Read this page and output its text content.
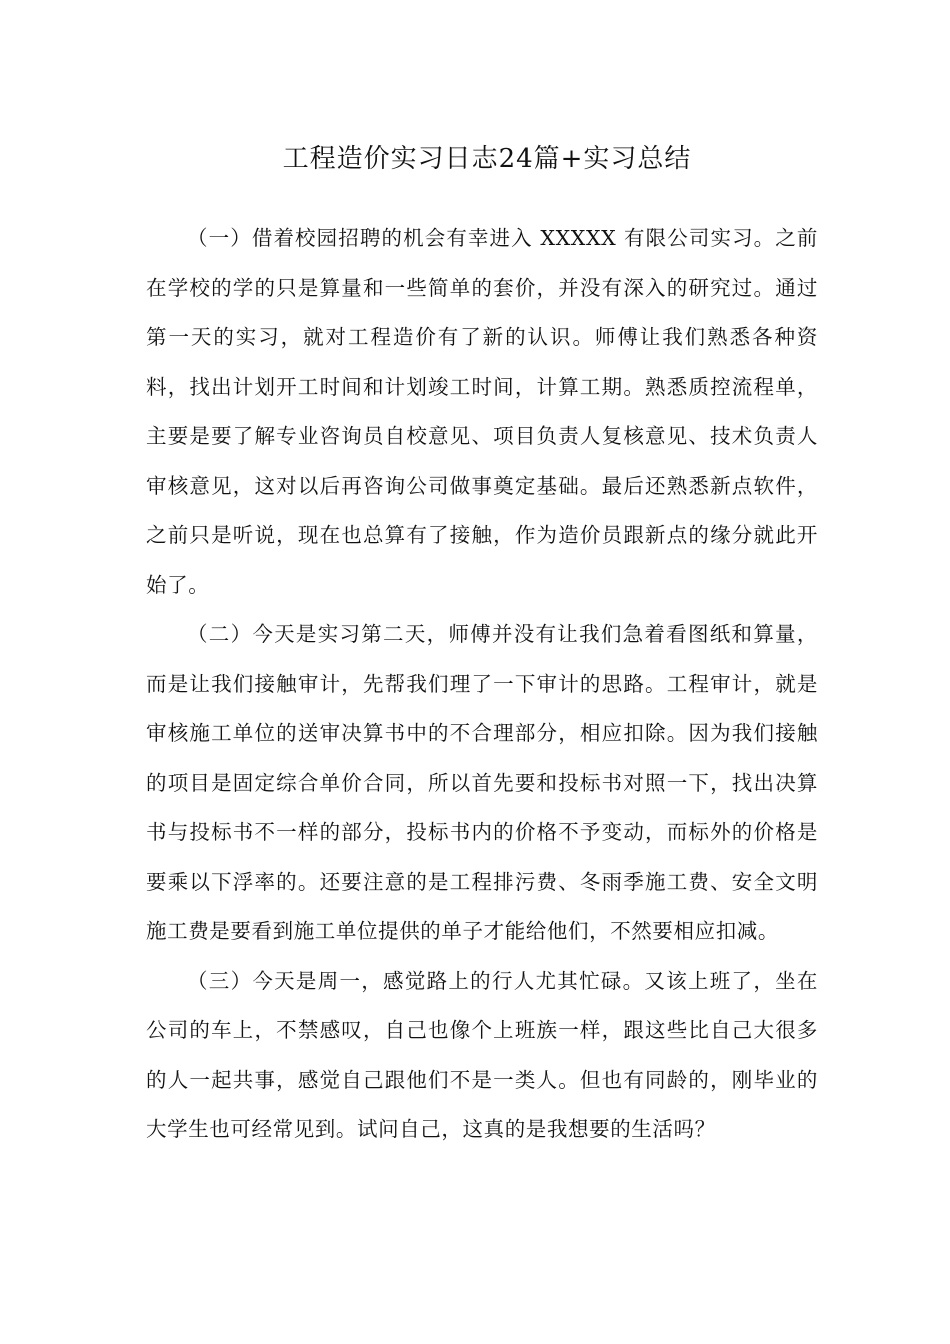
工程造价实习日志24篇+实习总结

（一）借着校园招聘的机会有幸进入 XXXXX 有限公司实习。之前在学校的学的只是算量和一些简单的套价，并没有深入的研究过。通过第一天的实习，就对工程造价有了新的认识。师傅让我们熟悉各种资料，找出计划开工时间和计划竣工时间，计算工期。熟悉质控流程单，主要是要了解专业咨询员自校意见、项目负责人复核意见、技术负责人审核意见，这对以后再咨询公司做事奠定基础。最后还熟悉新点软件，之前只是听说，现在也总算有了接触，作为造价员跟新点的缘分就此开始了。

（二）今天是实习第二天，师傅并没有让我们急着看图纸和算量，而是让我们接触审计，先帮我们理了一下审计的思路。工程审计，就是审核施工单位的送审决算书中的不合理部分，相应扣除。因为我们接触的项目是固定综合单价合同，所以首先要和投标书对照一下，找出决算书与投标书不一样的部分，投标书内的价格不予变动，而标外的价格是要乘以下浮率的。还要注意的是工程排污费、冬雨季施工费、安全文明施工费是要看到施工单位提供的单子才能给他们，不然要相应扣减。

（三）今天是周一，感觉路上的行人尤其忙碌。又该上班了，坐在公司的车上，不禁感叹，自己也像个上班族一样，跟这些比自己大很多的人一起共事，感觉自己跟他们不是一类人。但也有同龄的，刚毕业的大学生也可经常见到。试问自己，这真的是我想要的生活吗？
